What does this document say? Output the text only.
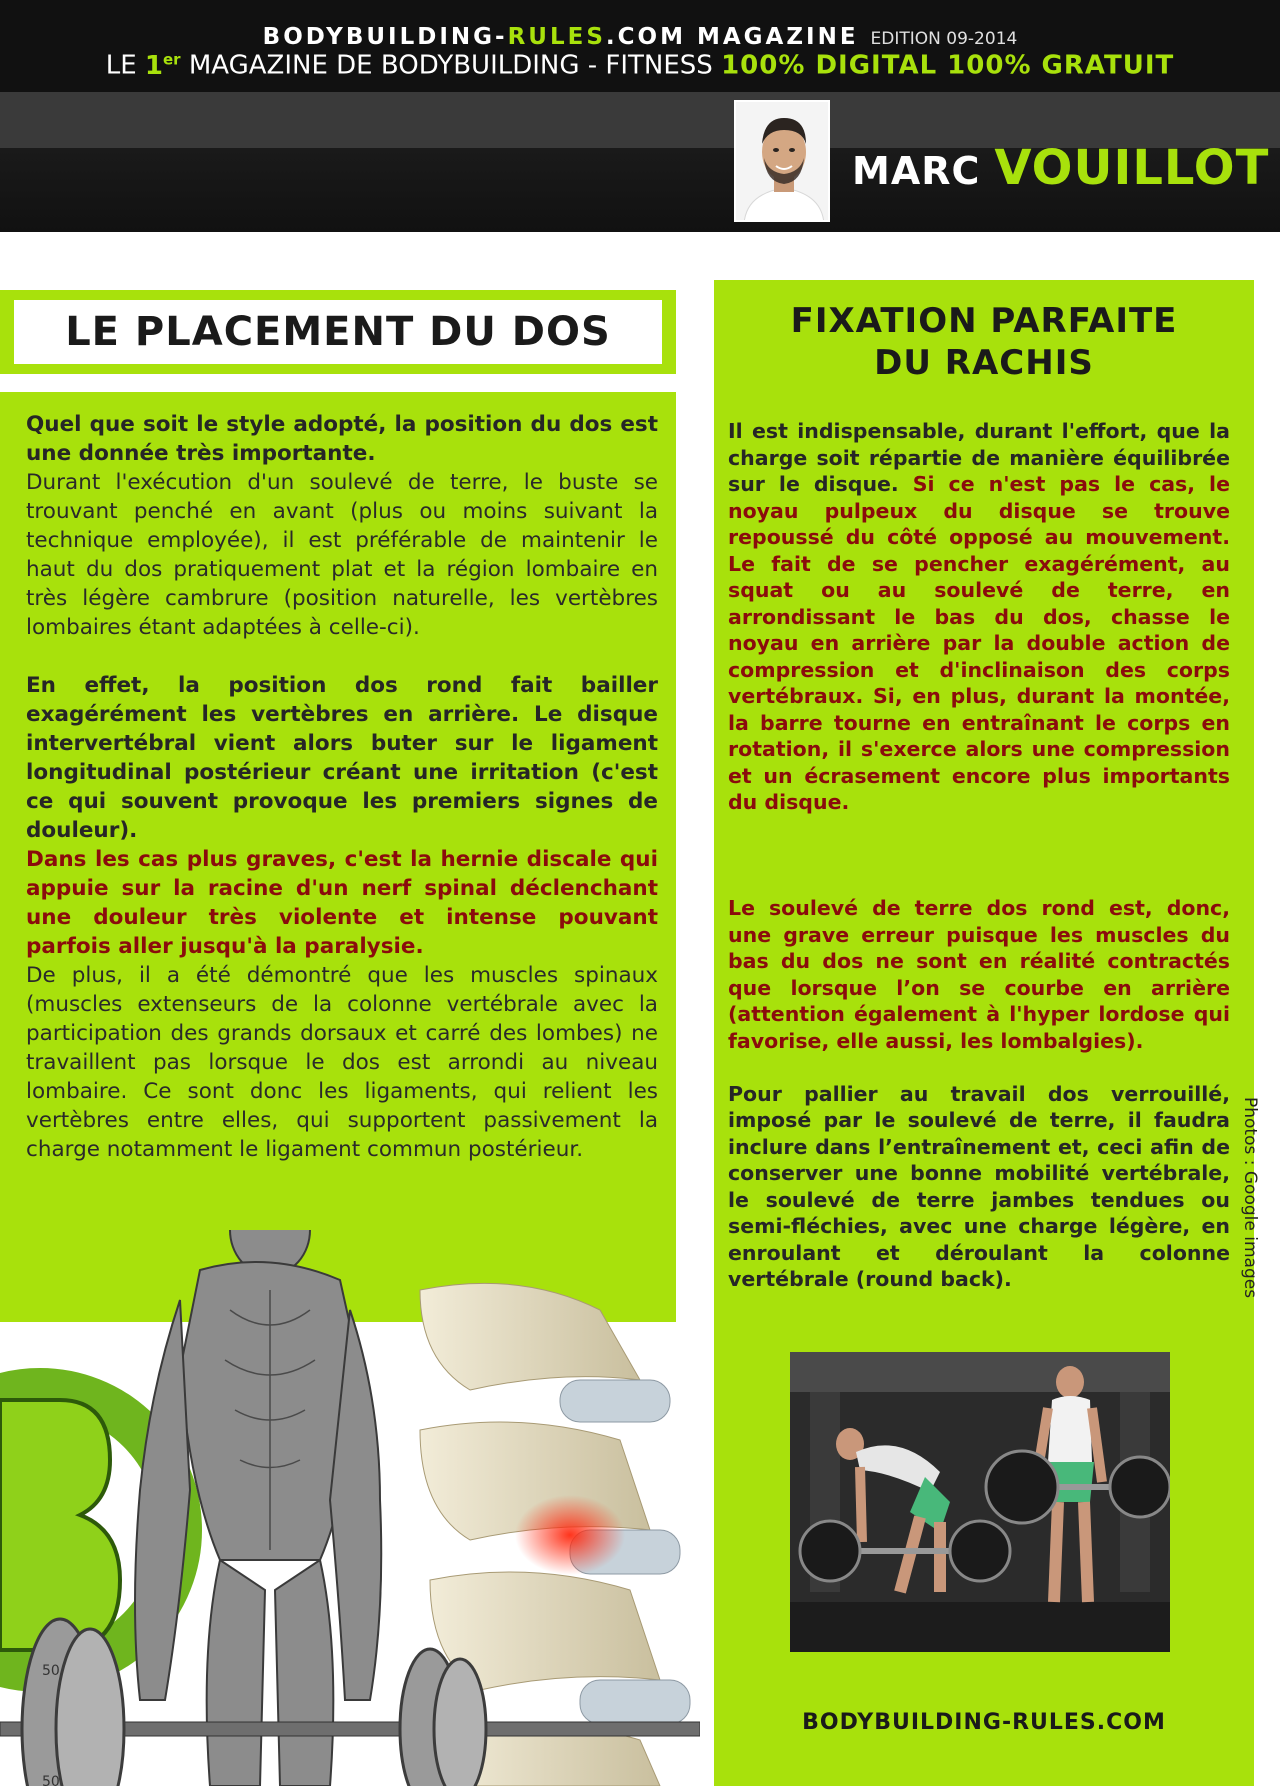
BODYBUILDING-RULES.COM MAGAZINE EDITION 09-2014
LE 1er MAGAZINE DE BODYBUILDING - FITNESS 100% DIGITAL 100% GRATUIT
MARC VOUILLOT
LE PLACEMENT DU DOS

Quel que soit le style adopté, la position du dos est une donnée très importante.
Durant l'exécution d'un soulevé de terre, le buste se trouvant penché en avant (plus ou moins suivant la technique employée), il est préférable de maintenir le haut du dos pratiquement plat et la région lombaire en très légère cambrure (position naturelle, les vertèbres lombaires étant adaptées à celle-ci).

En effet, la position dos rond fait bailler exagérément les vertèbres en arrière. Le disque intervertébral vient alors buter sur le ligament longitudinal postérieur créant une irritation (c'est ce qui souvent provoque les premiers signes de douleur).
Dans les cas plus graves, c'est la hernie discale qui appuie sur la racine d'un nerf spinal déclenchant une douleur très violente et intense pouvant parfois aller jusqu'à la paralysie.
De plus, il a été démontré que les muscles spinaux (muscles extenseurs de la colonne vertébrale avec la participation des grands dorsaux et carré des lombes) ne travaillent pas lorsque le dos est arrondi au niveau lombaire. Ce sont donc les ligaments, qui relient les vertèbres entre elles, qui supportent passivement la charge notamment le ligament commun postérieur.

50
50
FIXATION PARFAITE
DU RACHIS

Il est indispensable, durant l'effort, que la charge soit répartie de manière équilibrée sur le disque. Si ce n'est pas le cas, le noyau pulpeux du disque se trouve repoussé du côté opposé au mouvement. Le fait de se pencher exagérément, au squat ou au soulevé de terre, en arrondissant le bas du dos, chasse le noyau en arrière par la double action de compression et d'inclinaison des corps vertébraux. Si, en plus, durant la montée, la barre tourne en entraînant le corps en rotation, il s'exerce alors une compression et un écrasement encore plus importants du disque.

Le soulevé de terre dos rond est, donc, une grave erreur puisque les muscles du bas du dos ne sont en réalité contractés que lorsque l’on se courbe en arrière (attention également à l'hyper lordose qui favorise, elle aussi, les lombalgies).

Pour pallier au travail dos verrouillé, imposé par le soulevé de terre, il faudra inclure dans l’entraînement et, ceci afin de conserver une bonne mobilité vertébrale, le soulevé de terre jambes tendues ou semi-fléchies, avec une charge légère, en enroulant et déroulant la colonne vertébrale (round back).

BODYBUILDING-RULES.COM
Photos : Google images
